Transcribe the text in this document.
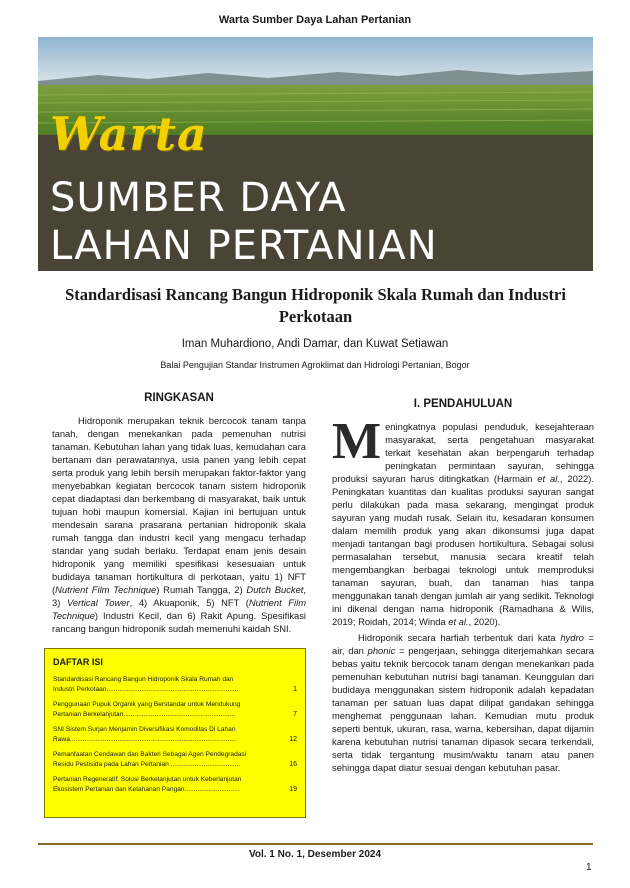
Warta Sumber Daya Lahan Pertanian
Warta
SUMBER DAYA
LAHAN PERTANIAN
Standardisasi Rancang Bangun Hidroponik Skala Rumah dan Industri Perkotaan
Iman Muhardiono, Andi Damar, dan Kuwat Setiawan
Balai Pengujian Standar Instrumen Agroklimat dan Hidrologi Pertanian, Bogor
RINGKASAN

Hidroponik merupakan teknik bercocok tanam tanpa tanah, dengan menekankan pada pemenuhan nutrisi tanaman. Kebutuhan lahan yang tidak luas, kemudahan cara bertanam dan perawatannya, usia panen yang lebih cepat serta produk yang lebih bersih merupakan faktor-faktor yang menyebabkan kegiatan bercocok tanam sistem hidroponik cepat diadaptasi dan berkembang di masyarakat, baik untuk tujuan hobi maupun komersial. Kajian ini bertujuan untuk mendesain sarana prasarana pertanian hidroponik skala rumah tangga dan industri kecil yang mengacu terhadap standar yang sudah berlaku. Terdapat enam jenis desain hidroponik yang memiliki spesifikasi kesesuaian untuk budidaya tanaman hortikultura di perkotaan, yaitu 1) NFT (Nutrient Film Technique) Rumah Tangga, 2) Dutch Bucket, 3) Vertical Tower, 4) Akuaponik, 5) NFT (Nutrient Film Technique) Industri Kecil, dan 6) Rakit Apung. Spesifikasi rancang bangun hidroponik sudah memenuhi kaidah SNI.

DAFTAR ISI
Standardisasi Rancang Bangun Hidroponik Skala Rumah dan
Industri Perkotaan........................................................................	1
Penggunaan Pupuk Organik yang Berstandar untuk Mendukung
Pertanian Berkelanjutan.............................................................	7
SNI Sistem Surjan Menjamin Diversifikasi Komoditas Di Lahan
Rawa...........................................................................................	12
Pemanfaatan Cendawan dan Bakteri Sebagai Agen Pendegradasi
Residu Pestisida pada Lahan Pertanian ......................................	16
Pertanian Regeneratif: Solusi Berkelanjutan untuk Keberlanjutan
Ekosistem Pertanian dan Ketahanan Pangan..............................	19
I. PENDAHULUAN

Meningkatnya populasi penduduk, kesejahteraan masyarakat, serta pengetahuan masyarakat terkait kesehatan akan berpengaruh terhadap peningkatan permintaan sayuran, sehingga produksi sayuran harus ditingkatkan (Harmain et al., 2022). Peningkatan kuantitas dan kualitas produksi sayuran sangat perlu dilakukan pada masa sekarang, mengingat produk sayuran yang mudah rusak. Selain itu, kesadaran konsumen dalam memilih produk yang akan dikonsumsi juga dapat menjadi tantangan bagi produsen hortikultura. Sebagai solusi permasalahan tersebut, manusia secara kreatif telah mengembangkan berbagai teknologi untuk memproduksi tanaman sayuran, buah, dan tanaman hias tanpa menggunakan tanah dengan jumlah air yang sedikit. Teknologi ini dikenal dengan nama hidroponik (Ramadhana & Wilis, 2019; Roidah, 2014; Winda et al., 2020).

Hidroponik secara harfiah terbentuk dari kata hydro = air, dan phonic = pengerjaan, sehingga diterjemahkan secara bebas yaitu teknik bercocok tanam dengan menekankan pada pemenuhan kebutuhan nutrisi bagi tanaman. Keunggulan dari budidaya menggunakan sistem hidroponik adalah kepadatan tanaman per satuan luas dapat dilipat gandakan sehingga menghemat penggunaan lahan. Kemudian mutu produk seperti bentuk, ukuran, rasa, warna, kebersihan, dapat dijamin karena kebutuhan nutrisi tanaman dipasok secara terkendali, serta tidak tergantung musim/waktu tanam atau panen sehingga dapat diatur sesuai dengan kebutuhan pasar.

Vol. 1 No. 1, Desember 2024
1
